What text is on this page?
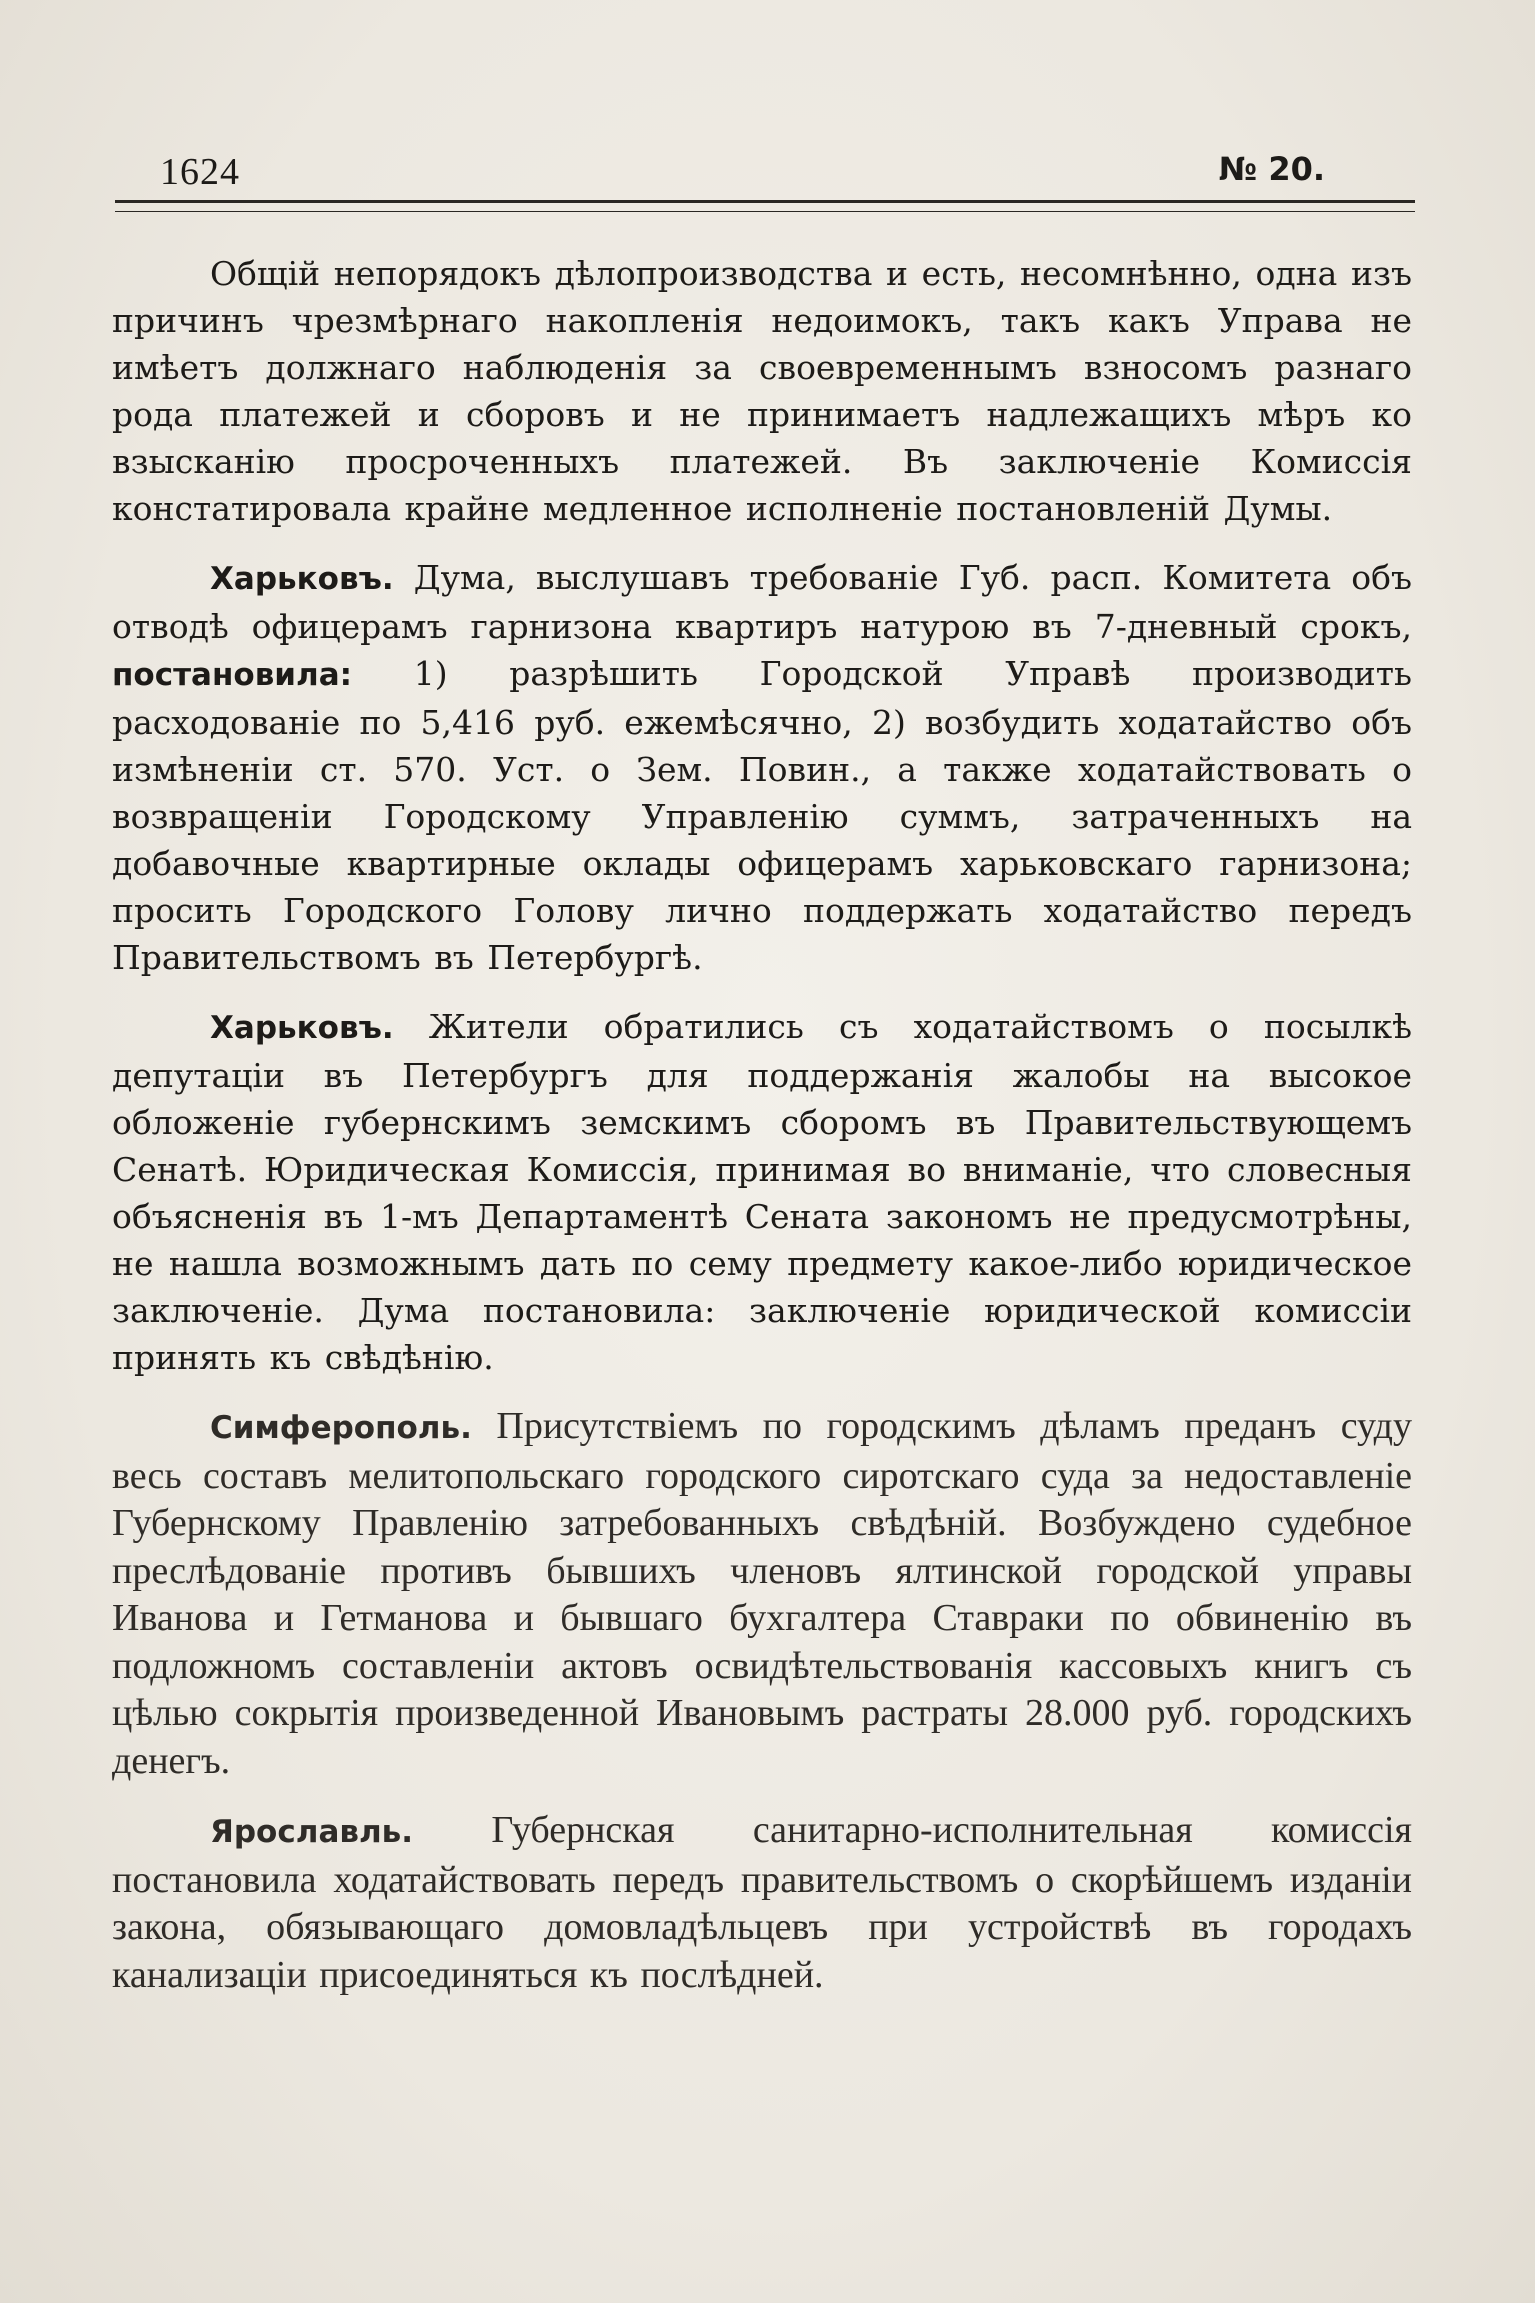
1624	№ 20.

Общій непорядокъ дѣлопроизводства и есть, несомнѣнно, одна изъ причинъ чрезмѣрнаго накопленія недоимокъ, такъ какъ Управа не имѣетъ должнаго наблюденія за своевременнымъ взносомъ разнаго рода платежей и сборовъ и не принимаетъ надлежащихъ мѣръ ко взысканію просроченныхъ платежей. Въ заключеніе Комиссія констатировала крайне медленное исполненіе постановленій Думы.

Харьковъ. Дума, выслушавъ требованіе Губ. расп. Комитета объ отводѣ офицерамъ гарнизона квартиръ натурою въ 7-дневный срокъ, постановила: 1) разрѣшить Городской Управѣ производить расходованіе по 5,416 руб. ежемѣсячно, 2) возбудить ходатайство объ измѣненіи ст. 570. Уст. о Зем. Повин., а также ходатайствовать о возвращеніи Городскому Управленію суммъ, затраченныхъ на добавочные квартирные оклады офицерамъ харьковскаго гарнизона; просить Городского Голову лично поддержать ходатайство передъ Правительствомъ въ Петербургѣ.

Харьковъ. Жители обратились съ ходатайствомъ о посылкѣ депутаціи въ Петербургъ для поддержанія жалобы на высокое обложеніе губернскимъ земскимъ сборомъ въ Правительствующемъ Сенатѣ. Юридическая Комиссія, принимая во вниманіе, что словесныя объясненія въ 1-мъ Департаментѣ Сената закономъ не предусмотрѣны, не нашла возможнымъ дать по сему предмету какое-либо юридическое заключеніе. Дума постановила: заключеніе юридической комиссіи принять къ свѣдѣнію.

Симферополь. Присутствіемъ по городскимъ дѣламъ преданъ суду весь составъ мелитопольскаго городского сиротскаго суда за недоставленіе Губернскому Правленію затребованныхъ свѣдѣній. Возбуждено судебное преслѣдованіе противъ бывшихъ членовъ ялтинской городской управы Иванова и Гетманова и бывшаго бухгалтера Ставраки по обвиненію въ подложномъ составленіи актовъ освидѣтельствованія кассовыхъ книгъ съ цѣлью сокрытія произведенной Ивановымъ растраты 28.000 руб. городскихъ денегъ.

Ярославль. Губернская санитарно-исполнительная комиссія постановила ходатайствовать передъ правительствомъ о скорѣйшемъ изданіи закона, обязывающаго домовладѣльцевъ при устройствѣ въ городахъ канализаціи присоединяться къ послѣдней.
